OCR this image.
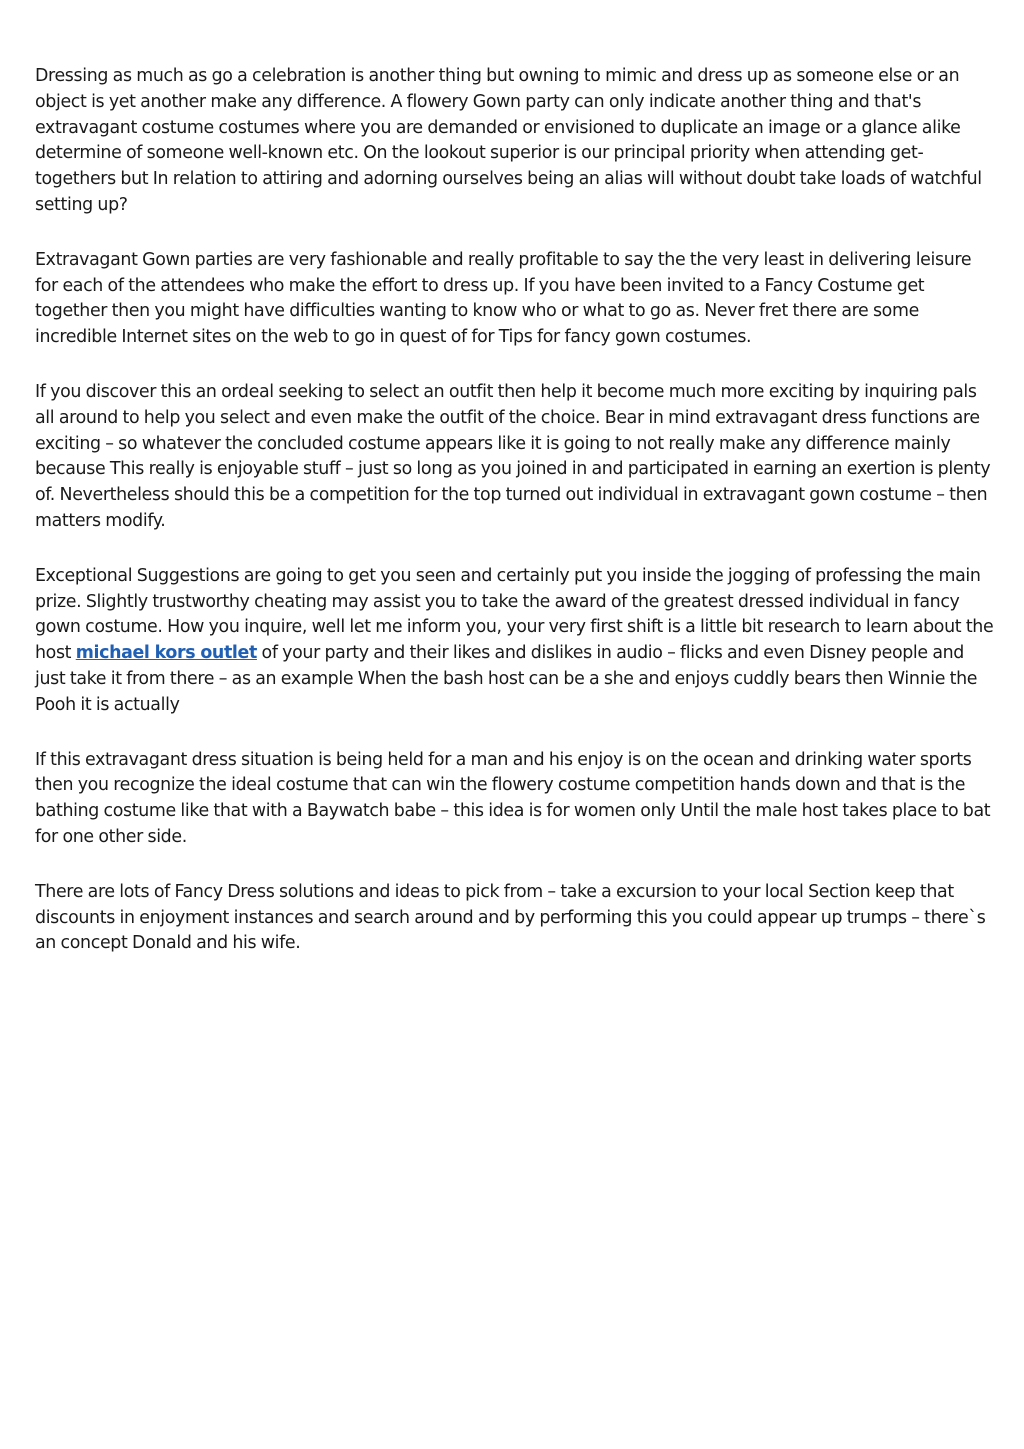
Dressing as much as go a celebration is another thing but owning to mimic and dress up as someone else or an object is yet another make any difference. A flowery Gown party can only indicate another thing and that's extravagant costume costumes where you are demanded or envisioned to duplicate an image or a glance alike determine of someone well-known etc. On the lookout superior is our principal priority when attending get-togethers but In relation to attiring and adorning ourselves being an alias will without doubt take loads of watchful setting up?

Extravagant Gown parties are very fashionable and really profitable to say the the very least in delivering leisure for each of the attendees who make the effort to dress up. If you have been invited to a Fancy Costume get together then you might have difficulties wanting to know who or what to go as. Never fret there are some incredible Internet sites on the web to go in quest of for Tips for fancy gown costumes.

If you discover this an ordeal seeking to select an outfit then help it become much more exciting by inquiring pals all around to help you select and even make the outfit of the choice. Bear in mind extravagant dress functions are exciting – so whatever the concluded costume appears like it is going to not really make any difference mainly because This really is enjoyable stuff – just so long as you joined in and participated in earning an exertion is plenty of. Nevertheless should this be a competition for the top turned out individual in extravagant gown costume – then matters modify.

Exceptional Suggestions are going to get you seen and certainly put you inside the jogging of professing the main prize. Slightly trustworthy cheating may assist you to take the award of the greatest dressed individual in fancy gown costume. How you inquire, well let me inform you, your very first shift is a little bit research to learn about the host michael kors outlet of your party and their likes and dislikes in audio – flicks and even Disney people and just take it from there – as an example When the bash host can be a she and enjoys cuddly bears then Winnie the Pooh it is actually

If this extravagant dress situation is being held for a man and his enjoy is on the ocean and drinking water sports then you recognize the ideal costume that can win the flowery costume competition hands down and that is the bathing costume like that with a Baywatch babe – this idea is for women only Until the male host takes place to bat for one other side.

There are lots of Fancy Dress solutions and ideas to pick from – take a excursion to your local Section keep that discounts in enjoyment instances and search around and by performing this you could appear up trumps – there`s an concept Donald and his wife.
